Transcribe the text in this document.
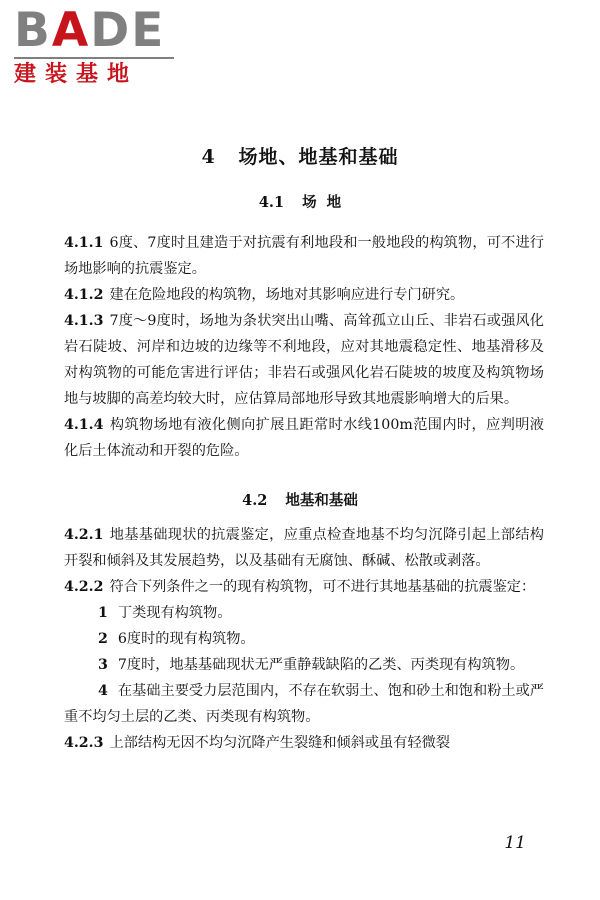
BADE
建装基地
4 场地、地基和基础
4.1 场  地

4.1.1 6度、7度时且建造于对抗震有利地段和一般地段的构筑物，可不进行场地影响的抗震鉴定。

4.1.2 建在危险地段的构筑物，场地对其影响应进行专门研究。

4.1.3 7度～9度时，场地为条状突出山嘴、高耸孤立山丘、非岩石或强风化岩石陡坡、河岸和边坡的边缘等不利地段，应对其地震稳定性、地基滑移及对构筑物的可能危害进行评估；非岩石或强风化岩石陡坡的坡度及构筑物场地与坡脚的高差均较大时，应估算局部地形导致其地震影响增大的后果。

4.1.4 构筑物场地有液化侧向扩展且距常时水线100m范围内时，应判明液化后土体流动和开裂的危险。

4.2 地基和基础

4.2.1 地基基础现状的抗震鉴定，应重点检查地基不均匀沉降引起上部结构开裂和倾斜及其发展趋势，以及基础有无腐蚀、酥碱、松散或剥落。

4.2.2 符合下列条件之一的现有构筑物，可不进行其地基基础的抗震鉴定：

1 丁类现有构筑物。

2 6度时的现有构筑物。

3 7度时，地基基础现状无严重静载缺陷的乙类、丙类现有构筑物。

4 在基础主要受力层范围内，不存在软弱土、饱和砂土和饱和粉土或严重不均匀土层的乙类、丙类现有构筑物。

4.2.3 上部结构无因不均匀沉降产生裂缝和倾斜或虽有轻微裂

11
